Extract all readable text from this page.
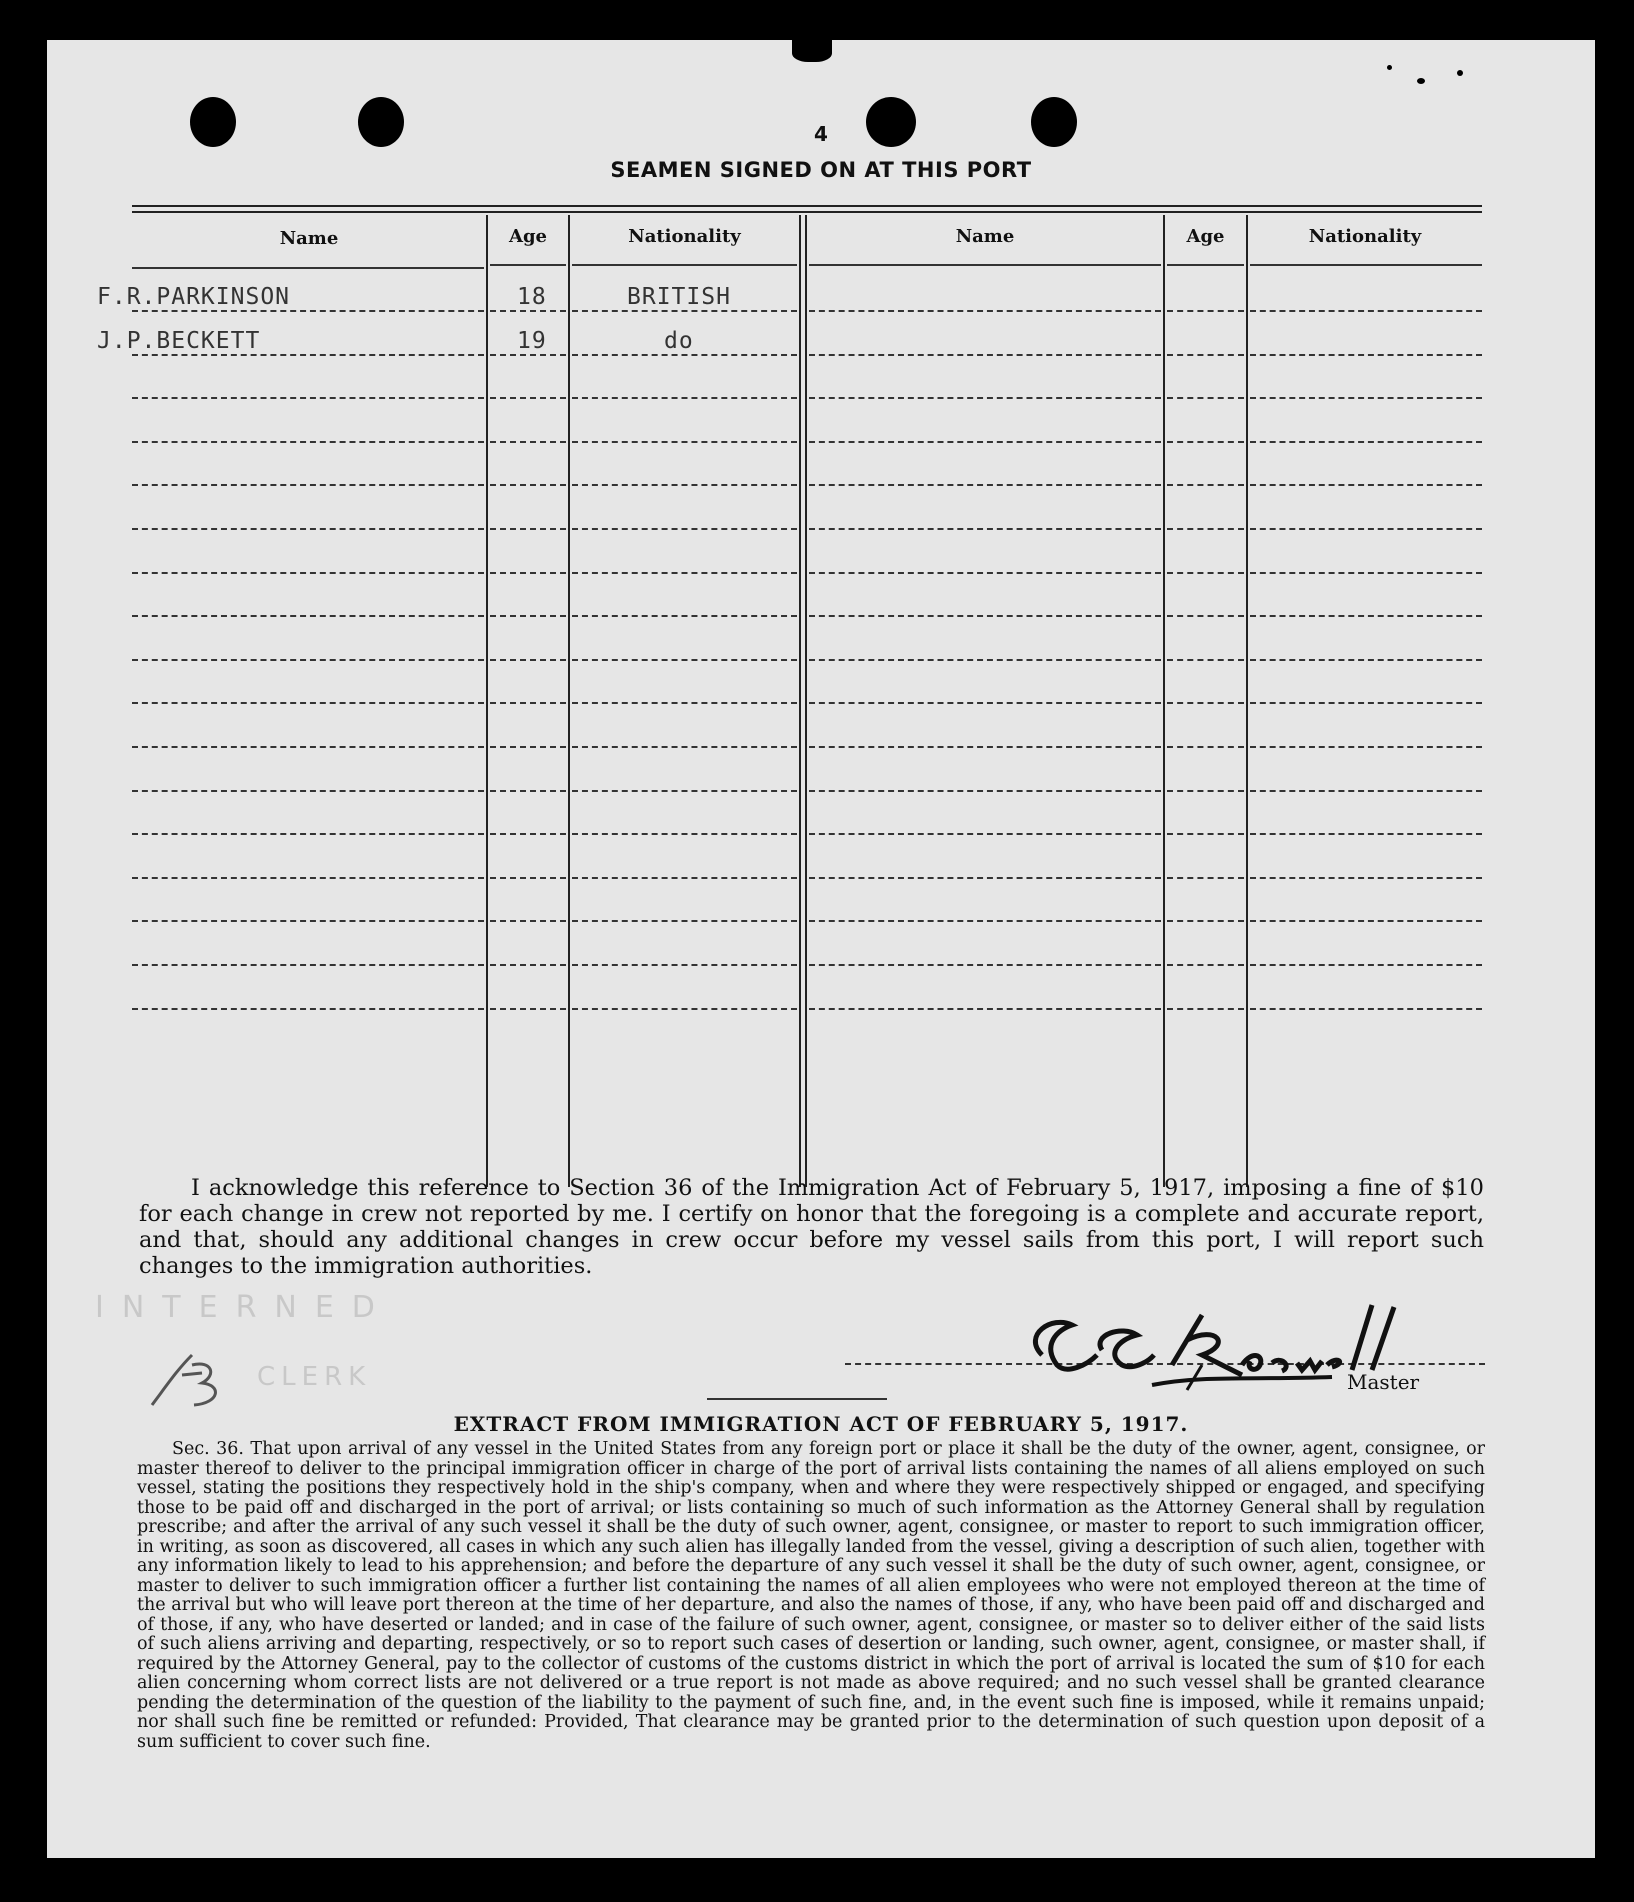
4
SEAMEN SIGNED ON AT THIS PORT
Name	Age	Nationality	Name	Age	Nationality
F.R.PARKINSON	18	BRITISH
J.P.BECKETT	19	do

I acknowledge this reference to Section 36 of the Immigration Act of February 5, 1917, imposing a fine of $10 for each change in crew not reported by me. I certify on honor that the foregoing is a complete and accurate report, and that, should any additional changes in crew occur before my vessel sails from this port, I will report such changes to the immigration authorities.

INTERNED
CLERK	Master
EXTRACT FROM IMMIGRATION ACT OF FEBRUARY 5, 1917.

Sec. 36. That upon arrival of any vessel in the United States from any foreign port or place it shall be the duty of the owner, agent, consignee, or master thereof to deliver to the principal immigration officer in charge of the port of arrival lists containing the names of all aliens employed on such vessel, stating the positions they respectively hold in the ship's company, when and where they were respectively shipped or engaged, and specifying those to be paid off and discharged in the port of arrival; or lists containing so much of such information as the Attorney General shall by regulation prescribe; and after the arrival of any such vessel it shall be the duty of such owner, agent, consignee, or master to report to such immigration officer, in writing, as soon as discovered, all cases in which any such alien has illegally landed from the vessel, giving a description of such alien, together with any information likely to lead to his apprehension; and before the departure of any such vessel it shall be the duty of such owner, agent, consignee, or master to deliver to such immigration officer a further list containing the names of all alien employees who were not employed thereon at the time of the arrival but who will leave port thereon at the time of her departure, and also the names of those, if any, who have been paid off and discharged and of those, if any, who have deserted or landed; and in case of the failure of such owner, agent, consignee, or master so to deliver either of the said lists of such aliens arriving and departing, respectively, or so to report such cases of desertion or landing, such owner, agent, consignee, or master shall, if required by the Attorney General, pay to the collector of customs of the customs district in which the port of arrival is located the sum of $10 for each alien concerning whom correct lists are not delivered or a true report is not made as above required; and no such vessel shall be granted clearance pending the determination of the question of the liability to the payment of such fine, and, in the event such fine is imposed, while it remains unpaid; nor shall such fine be remitted or refunded: Provided, That clearance may be granted prior to the determination of such question upon deposit of a sum sufficient to cover such fine.
